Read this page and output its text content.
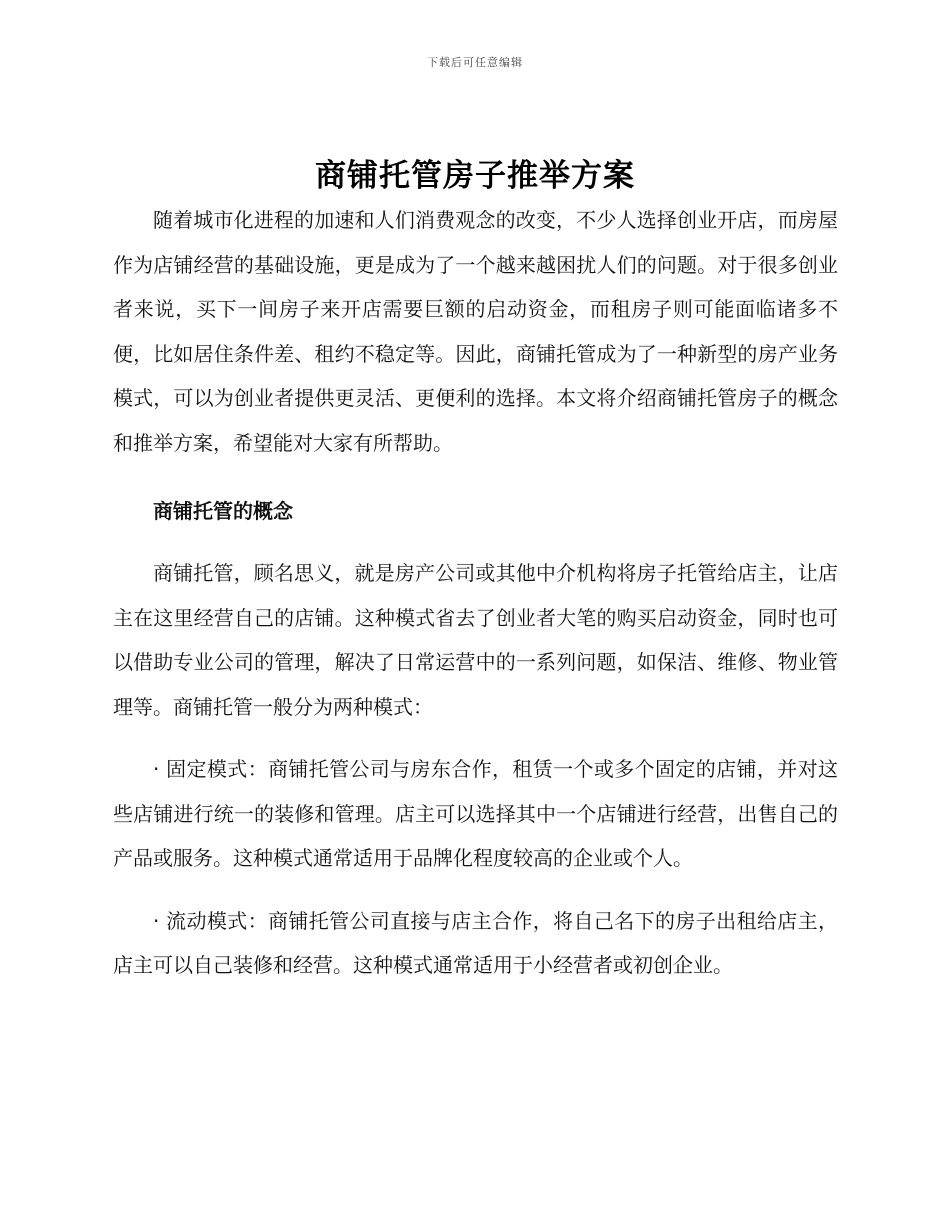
下载后可任意编辑
商铺托管房子推举方案

随着城市化进程的加速和人们消费观念的改变，不少人选择创业开店，而房屋作为店铺经营的基础设施，更是成为了一个越来越困扰人们的问题。对于很多创业者来说，买下一间房子来开店需要巨额的启动资金，而租房子则可能面临诸多不便，比如居住条件差、租约不稳定等。因此，商铺托管成为了一种新型的房产业务模式，可以为创业者提供更灵活、更便利的选择。本文将介绍商铺托管房子的概念和推举方案，希望能对大家有所帮助。

商铺托管的概念

商铺托管，顾名思义，就是房产公司或其他中介机构将房子托管给店主，让店主在这里经营自己的店铺。这种模式省去了创业者大笔的购买启动资金，同时也可以借助专业公司的管理，解决了日常运营中的一系列问题，如保洁、维修、物业管理等。商铺托管一般分为两种模式：

· 固定模式：商铺托管公司与房东合作，租赁一个或多个固定的店铺，并对这些店铺进行统一的装修和管理。店主可以选择其中一个店铺进行经营，出售自己的产品或服务。这种模式通常适用于品牌化程度较高的企业或个人。

· 流动模式：商铺托管公司直接与店主合作，将自己名下的房子出租给店主，店主可以自己装修和经营。这种模式通常适用于小经营者或初创企业。
